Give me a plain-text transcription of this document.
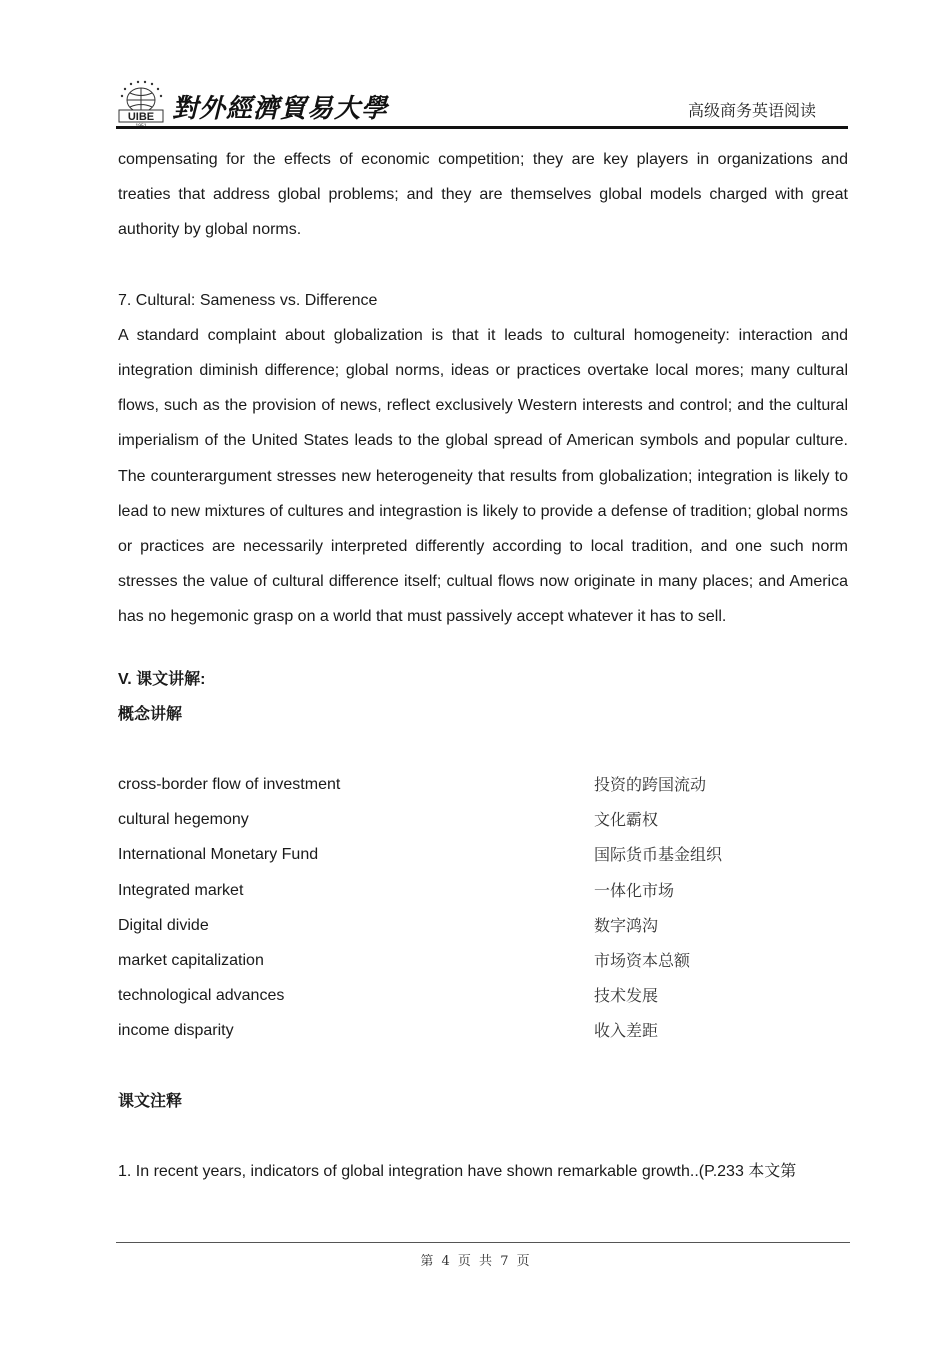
UIBE 對外經濟貿易大學	高级商务英语阅读

compensating for the effects of economic competition; they are key players in organizations and treaties that address global problems; and they are themselves global models charged with great authority by global norms.

7. Cultural: Sameness vs. Difference

A standard complaint about globalization is that it leads to cultural homogeneity: interaction and integration diminish difference; global norms, ideas or practices overtake local mores; many cultural flows, such as the provision of news, reflect exclusively Western interests and control; and the cultural imperialism of the United States leads to the global spread of American symbols and popular culture. The counterargument stresses new heterogeneity that results from globalization; integration is likely to lead to new mixtures of cultures and integrastion is likely to provide a defense of tradition; global norms or practices are necessarily interpreted differently according to local tradition, and one such norm stresses the value of cultural difference itself; cultual flows now originate in many places; and America has no hegemonic grasp on a world that must passively accept whatever it has to sell.

V. 课文讲解:

概念讲解

cross-border flow of investment	投资的跨国流动
cultural hegemony	文化霸权
International Monetary Fund	国际货币基金组织
Integrated market	一体化市场
Digital divide	数字鸿沟
market capitalization	市场资本总额
technological advances	技术发展
income disparity	收入差距

课文注释

1. In recent years, indicators of global integration have shown remarkable growth..(P.233 本文第

第 4 页 共 7 页
